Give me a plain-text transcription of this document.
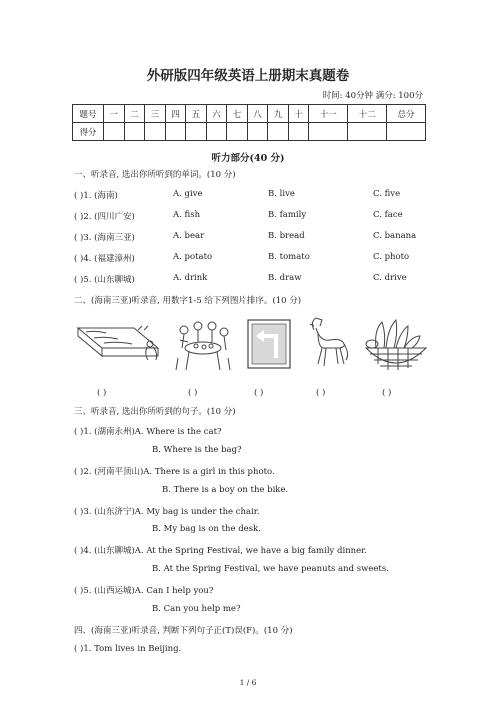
外研版四年级英语上册期末真题卷
时间: 40分钟 满分: 100分
题号	一	二	三	四	五	六	七	八	九	十	十一	十二	总分
得分													
听力部分(40 分)
一、听录音, 选出你所听到的单词。(10 分)
( )1. (海南)	A. give	B. live	C. five
( )2. (四川广安)	A. fish	B. family	C. face
( )3. (海南三亚)	A. bear	B. bread	C. banana
( )4. (福建漳州)	A. potato	B. tomato	C. photo
( )5. (山东聊城)	A. drink	B. draw	C. drive
二、(海南三亚)听录音, 用数字1-5 给下列图片排序。(10 分)
( )	( )	( )	( )	( )
三、听录音, 选出你所听到的句子。(10 分)
( )1. (湖南永州)A. Where is the cat?
B. Where is the bag?
( )2. (河南平顶山)A. There is a girl in this photo.
B. There is a boy on the bike.
( )3. (山东济宁)A. My bag is under the chair.
B. My bag is on the desk.
( )4. (山东聊城)A. At the Spring Festival, we have a big family dinner.
B. At the Spring Festival, we have peanuts and sweets.
( )5. (山西运城)A. Can I help you?
B. Can you help me?
四、(海南三亚)听录音, 判断下列句子正(T)误(F)。(10 分)
( )1. Tom lives in Beijing.
1 / 6
